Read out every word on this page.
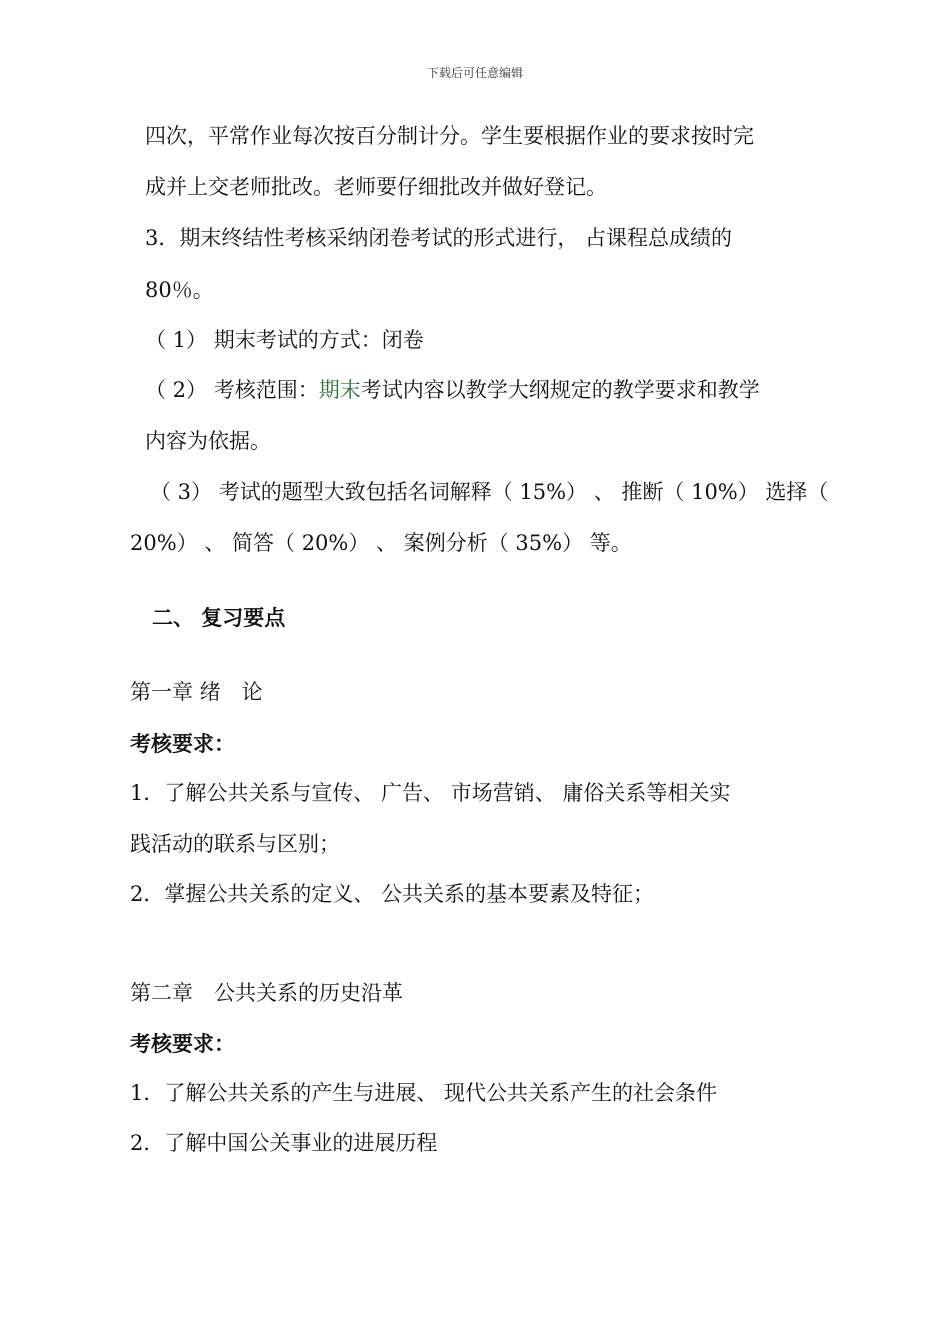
下载后可任意编辑
四次，平常作业每次按百分制计分。学生要根据作业的要求按时完
成并上交老师批改。老师要仔细批改并做好登记。
3．期末终结性考核采纳闭卷考试的形式进行， 占课程总成绩的
80％。
（ 1） 期末考试的方式：闭卷
（ 2） 考核范围：期末考试内容以教学大纲规定的教学要求和教学
内容为依据。
（ 3） 考试的题型大致包括名词解释（ 15%） 、 推断（ 10%） 选择（
20%） 、 简答（ 20%） 、 案例分析（ 35%） 等。
二、 复习要点
第一章 绪　论
考核要求：
1．了解公共关系与宣传、 广告、 市场营销、 庸俗关系等相关实
践活动的联系与区别；
2．掌握公共关系的定义、 公共关系的基本要素及特征；
第二章　公共关系的历史沿革
考核要求：
1．了解公共关系的产生与进展、 现代公共关系产生的社会条件
2．了解中国公关事业的进展历程
